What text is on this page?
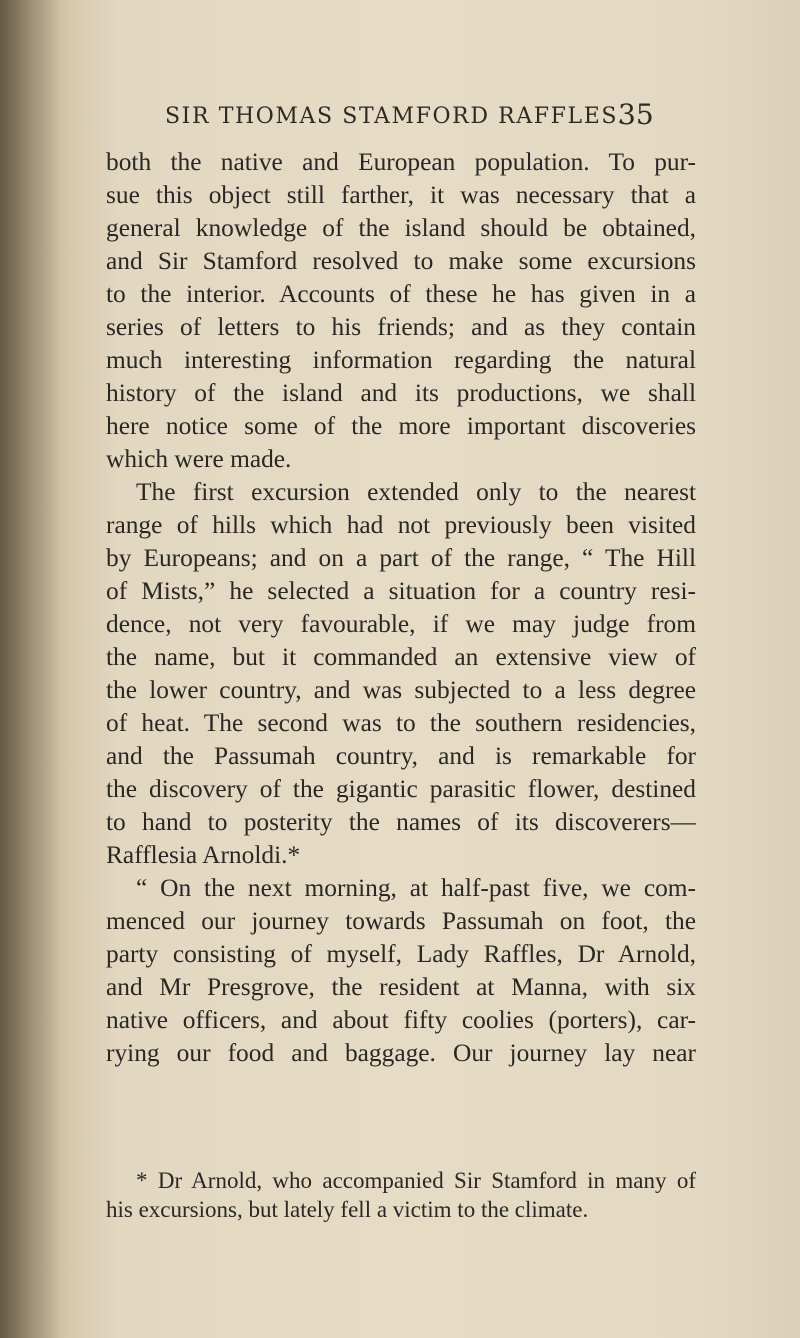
SIR THOMAS STAMFORD RAFFLES.
35
both the native and European population. To pur-
sue this object still farther, it was necessary that a
general knowledge of the island should be obtained,
and Sir Stamford resolved to make some excursions
to the interior. Accounts of these he has given in a
series of letters to his friends; and as they contain
much interesting information regarding the natural
history of the island and its productions, we shall
here notice some of the more important discoveries
which were made.
The first excursion extended only to the nearest
range of hills which had not previously been visited
by Europeans; and on a part of the range, “ The Hill
of Mists,” he selected a situation for a country resi-
dence, not very favourable, if we may judge from
the name, but it commanded an extensive view of
the lower country, and was subjected to a less degree
of heat. The second was to the southern residencies,
and the Passumah country, and is remarkable for
the discovery of the gigantic parasitic flower, destined
to hand to posterity the names of its discoverers—
Rafflesia Arnoldi.*
“ On the next morning, at half-past five, we com-
menced our journey towards Passumah on foot, the
party consisting of myself, Lady Raffles, Dr Arnold,
and Mr Presgrove, the resident at Manna, with six
native officers, and about fifty coolies (porters), car-
rying our food and baggage. Our journey lay near
* Dr Arnold, who accompanied Sir Stamford in many of
his excursions, but lately fell a victim to the climate.
